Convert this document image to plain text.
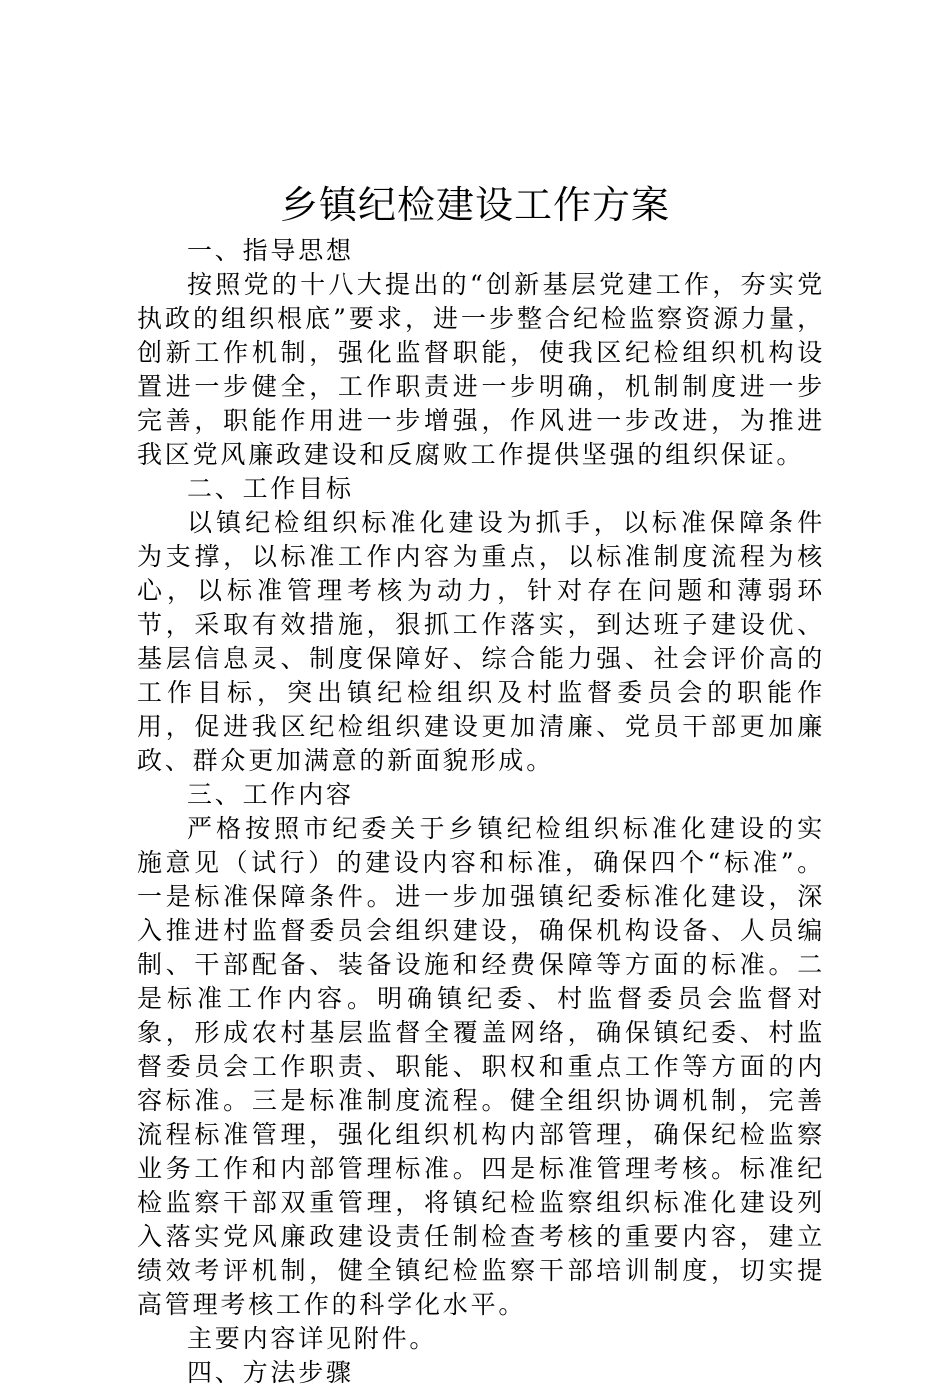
乡镇纪检建设工作方案

一、指导思想

按照党的十八大提出的“创新基层党建工作，夯实党执政的组织根底”要求，进一步整合纪检监察资源力量，创新工作机制，强化监督职能，使我区纪检组织机构设置进一步健全，工作职责进一步明确，机制制度进一步完善，职能作用进一步增强，作风进一步改进，为推进我区党风廉政建设和反腐败工作提供坚强的组织保证。

二、工作目标

以镇纪检组织标准化建设为抓手，以标准保障条件为支撑，以标准工作内容为重点，以标准制度流程为核心，以标准管理考核为动力，针对存在问题和薄弱环节，采取有效措施，狠抓工作落实，到达班子建设优、基层信息灵、制度保障好、综合能力强、社会评价高的工作目标，突出镇纪检组织及村监督委员会的职能作用，促进我区纪检组织建设更加清廉、党员干部更加廉政、群众更加满意的新面貌形成。

三、工作内容

严格按照市纪委关于乡镇纪检组织标准化建设的实施意见（试行）的建设内容和标准，确保四个“标准”。一是标准保障条件。进一步加强镇纪委标准化建设，深入推进村监督委员会组织建设，确保机构设备、人员编制、干部配备、装备设施和经费保障等方面的标准。二是标准工作内容。明确镇纪委、村监督委员会监督对象，形成农村基层监督全覆盖网络，确保镇纪委、村监督委员会工作职责、职能、职权和重点工作等方面的内容标准。三是标准制度流程。健全组织协调机制，完善流程标准管理，强化组织机构内部管理，确保纪检监察业务工作和内部管理标准。四是标准管理考核。标准纪检监察干部双重管理，将镇纪检监察组织标准化建设列入落实党风廉政建设责任制检查考核的重要内容，建立绩效考评机制，健全镇纪检监察干部培训制度，切实提高管理考核工作的科学化水平。

主要内容详见附件。

四、方法步骤
